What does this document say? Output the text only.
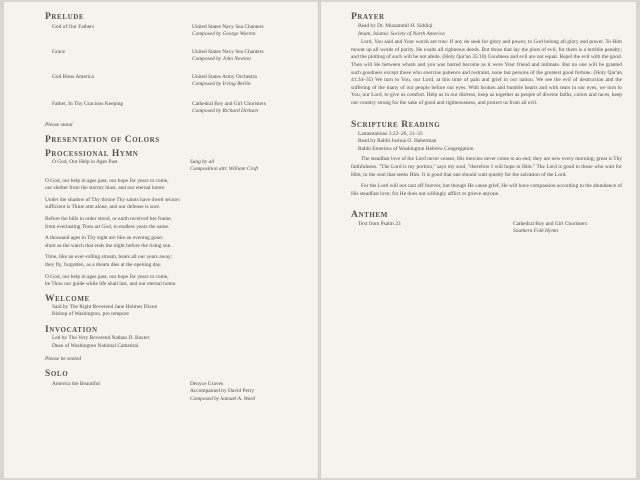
Prelude
God of Our Fathers	United States Navy Sea Chanters
Composed by George Warren
Grace	United States Navy Sea Chanters
Composed by John Newton
God Bless America	United States Army Orchestra
Composed by Irving Berlin
Father, In Thy Gracious Keeping	Cathedral Boy and Girl Choristers
Composed by Richard Dirksen

Please stand

Presentation of Colors
Processional Hymn
O God, Our Help in Ages Past	Sung by all
Composition attr. William Croft

O God, our help in ages past, our hope for years to come,

our shelter from the stormy blast, and our eternal home:

Under the shadow of Thy throne Thy saints have dwelt secure;

sufficient is Thine arm alone, and our defense is sure.

Before the hills in order stood, or earth received her frame,

from everlasting Thou art God, to endless years the same.

A thousand ages in Thy sight are like an evening gone;

short as the watch that ends the night before the rising sun.

Time, like an ever-rolling stream, bears all our years away;

they fly, forgotten, as a dream dies at the opening day.

O God, our help in ages past, our hope for years to come,

be Thou our guide while life shall last, and our eternal home.

Welcome

Said by The Right Reverend Jane Holmes Dixon

Bishop of Washington, pro tempore

Invocation

Led by The Very Reverend Nathan D. Baxter

Dean of Washington National Cathedral

Please be seated

Solo
America the Beautiful	Denyce Graves
Accompanied by David Perry
Composed by Samuel A. Ward
Prayer

Read by Dr. Muzammil H. Siddiqi

Imam, Islamic Society of North America

Lord, You said and Your words are true: If any do seek for glory and power, to God belong all glory and power. To Him mount up all words of purity. He exalts all righteous deeds. But those that lay the plots of evil, for them is a terrible penalty; and the plotting of such will be not abide. (Holy Qur'an 35:10) Goodness and evil are not equal. Repel the evil with the good. Then will He between whom and you was hatred become as it were Your friend and intimate. But no one will be granted such goodness except those who exercise patience and restraint, none but persons of the greatest good fortune. (Holy Qur'an 41:34–35) We turn to You, our Lord, at this time of pain and grief in our nation. We see the evil of destruction and the suffering of the many of our people before our eyes. With broken and humble hearts and with tears in our eyes, we turn to You, our Lord, to give us comfort. Help us in our distress, keep us together as people of diverse faiths, colors and races, keep our country strong for the sake of good and righteousness, and protect us from all evil.

Scripture Reading

Lamentations 3:22–26, 31–33

Read by Rabbi Joshua O. Haberman

Rabbi Emeritus of Washington Hebrew Congregation

The steadfast love of the Lord never ceases, His mercies never come to an end; they are new every morning; great is Thy faithfulness. "The Lord is my portion," says my soul, "therefore I will hope in Him." The Lord is good to those who wait for Him, to the soul that seeks Him. It is good that one should wait quietly for the salvation of the Lord.

For the Lord will not cast off forever, but though He cause grief, He will have compassion according to the abundance of His steadfast love; for He does not willingly afflict or grieve anyone.

Anthem
Text from Psalm 23	Cathedral Boy and Girl Choristers
Southern Folk Hymn
